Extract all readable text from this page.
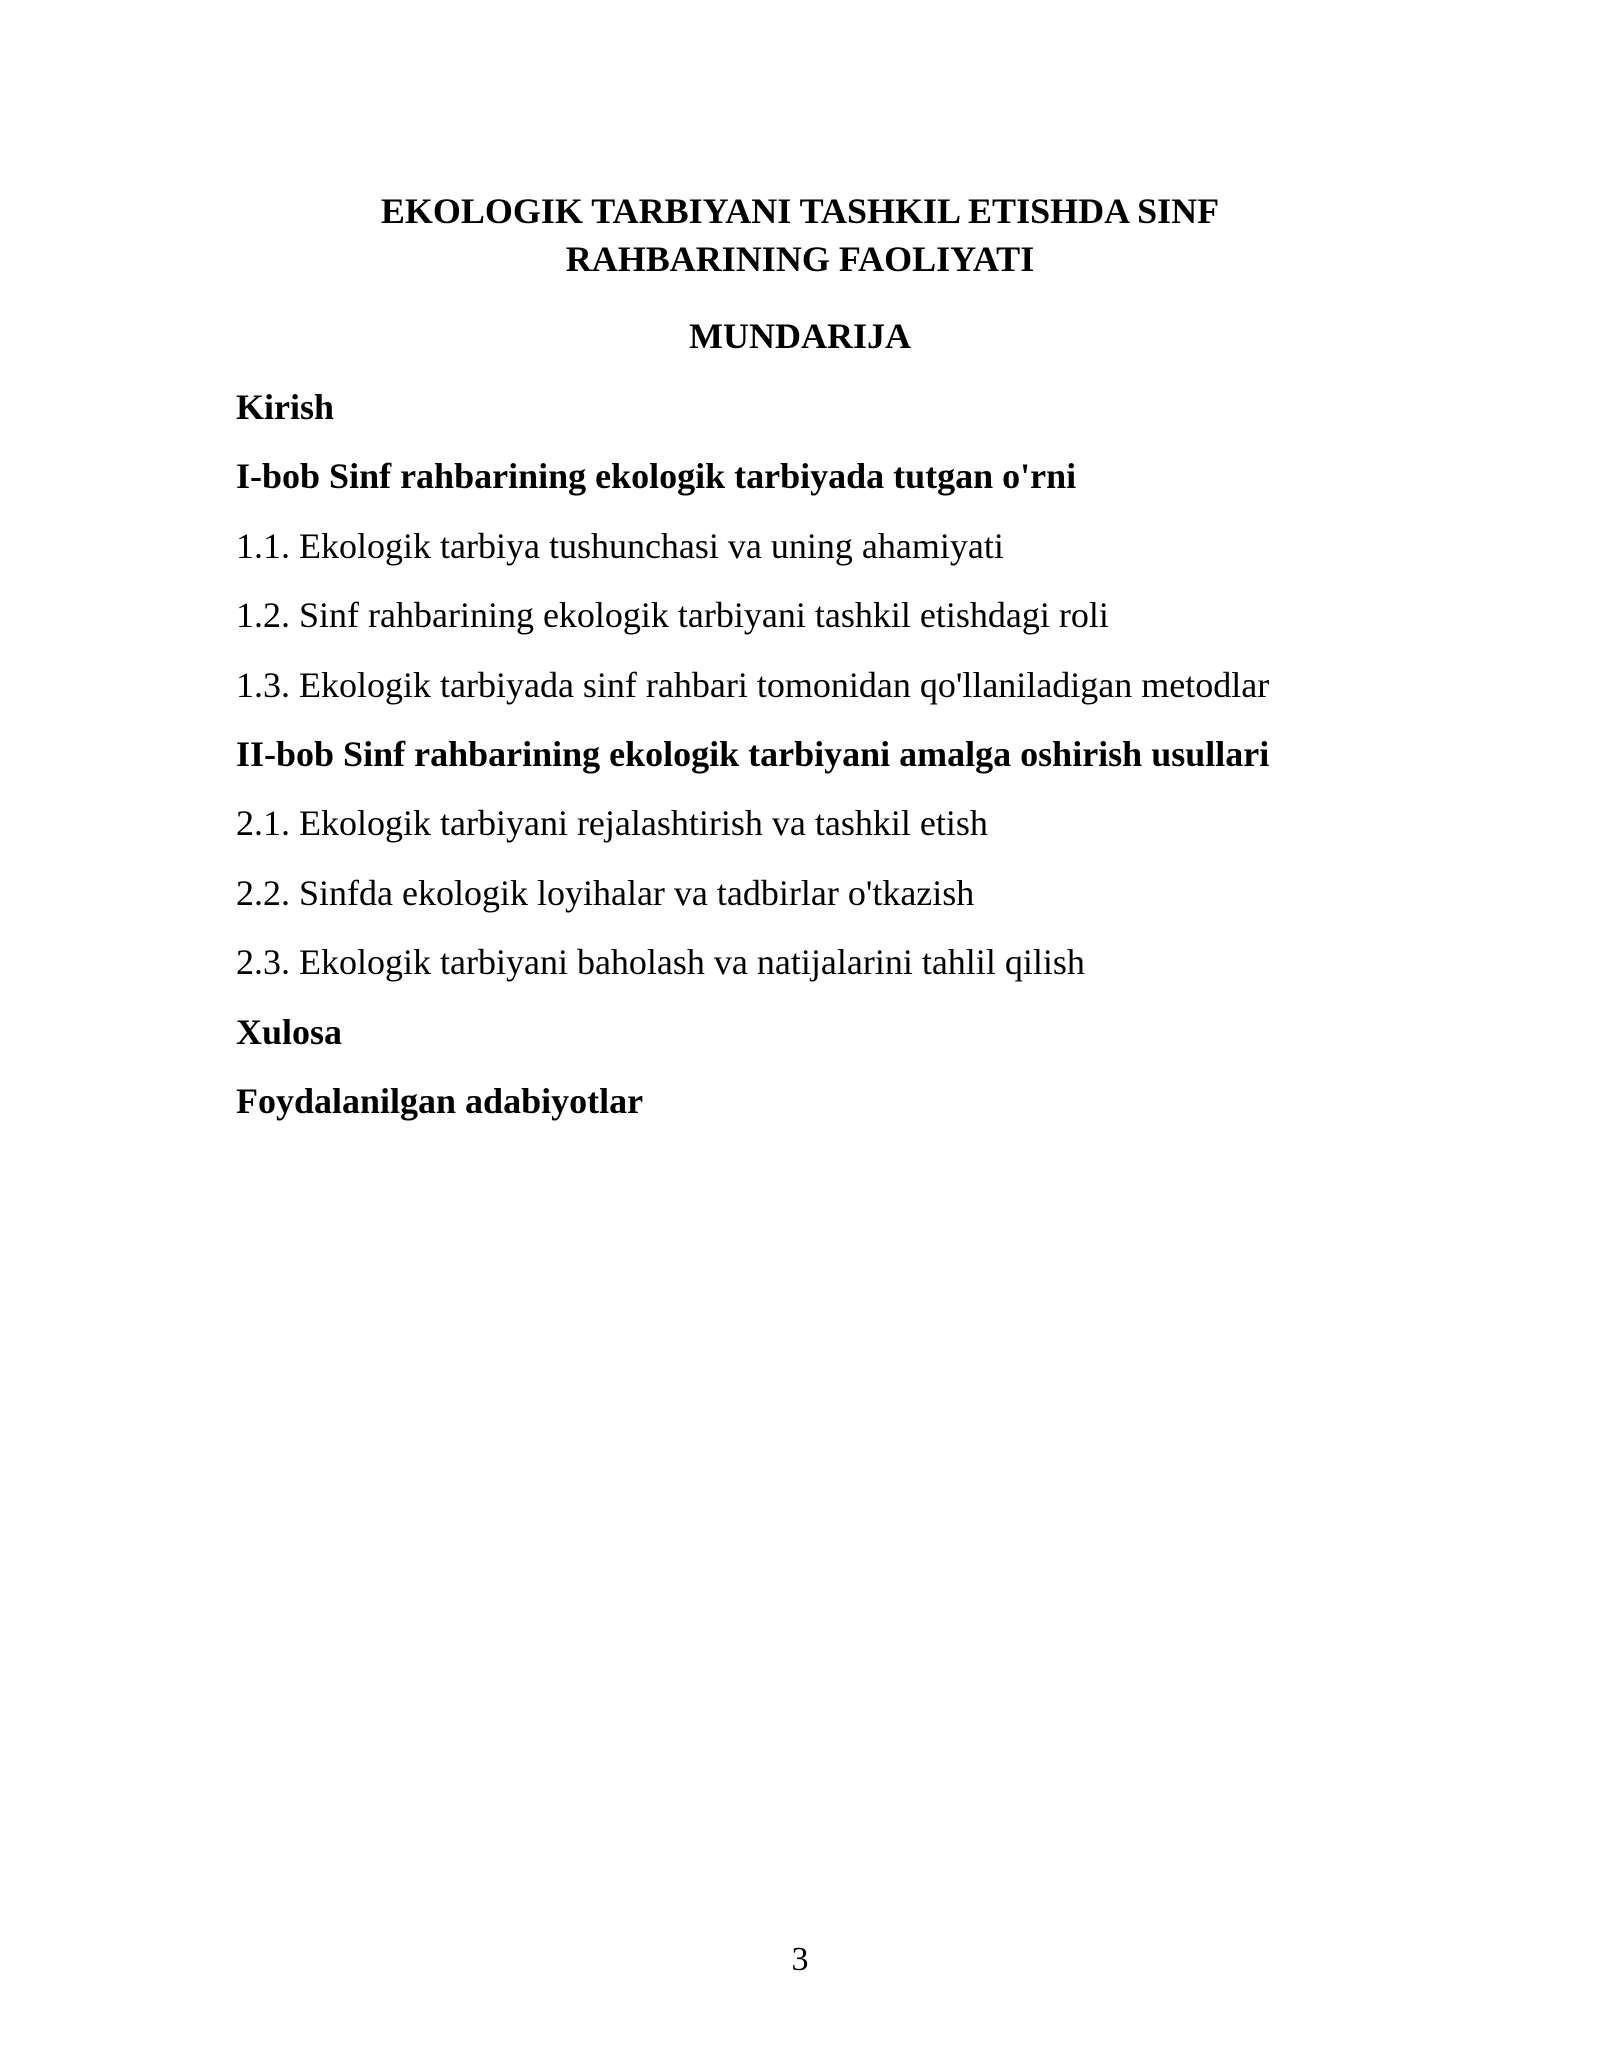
EKOLOGIK TARBIYANI TASHKIL ETISHDA SINF
RAHBARINING FAOLIYATI
MUNDARIJA
Kirish
I-bob Sinf rahbarining ekologik tarbiyada tutgan o'rni
1.1. Ekologik tarbiya tushunchasi va uning ahamiyati
1.2. Sinf rahbarining ekologik tarbiyani tashkil etishdagi roli
1.3. Ekologik tarbiyada sinf rahbari tomonidan qo'llaniladigan metodlar
II-bob Sinf rahbarining ekologik tarbiyani amalga oshirish usullari
2.1. Ekologik tarbiyani rejalashtirish va tashkil etish
2.2. Sinfda ekologik loyihalar va tadbirlar o'tkazish
2.3. Ekologik tarbiyani baholash va natijalarini tahlil qilish
Xulosa
Foydalanilgan adabiyotlar
3
